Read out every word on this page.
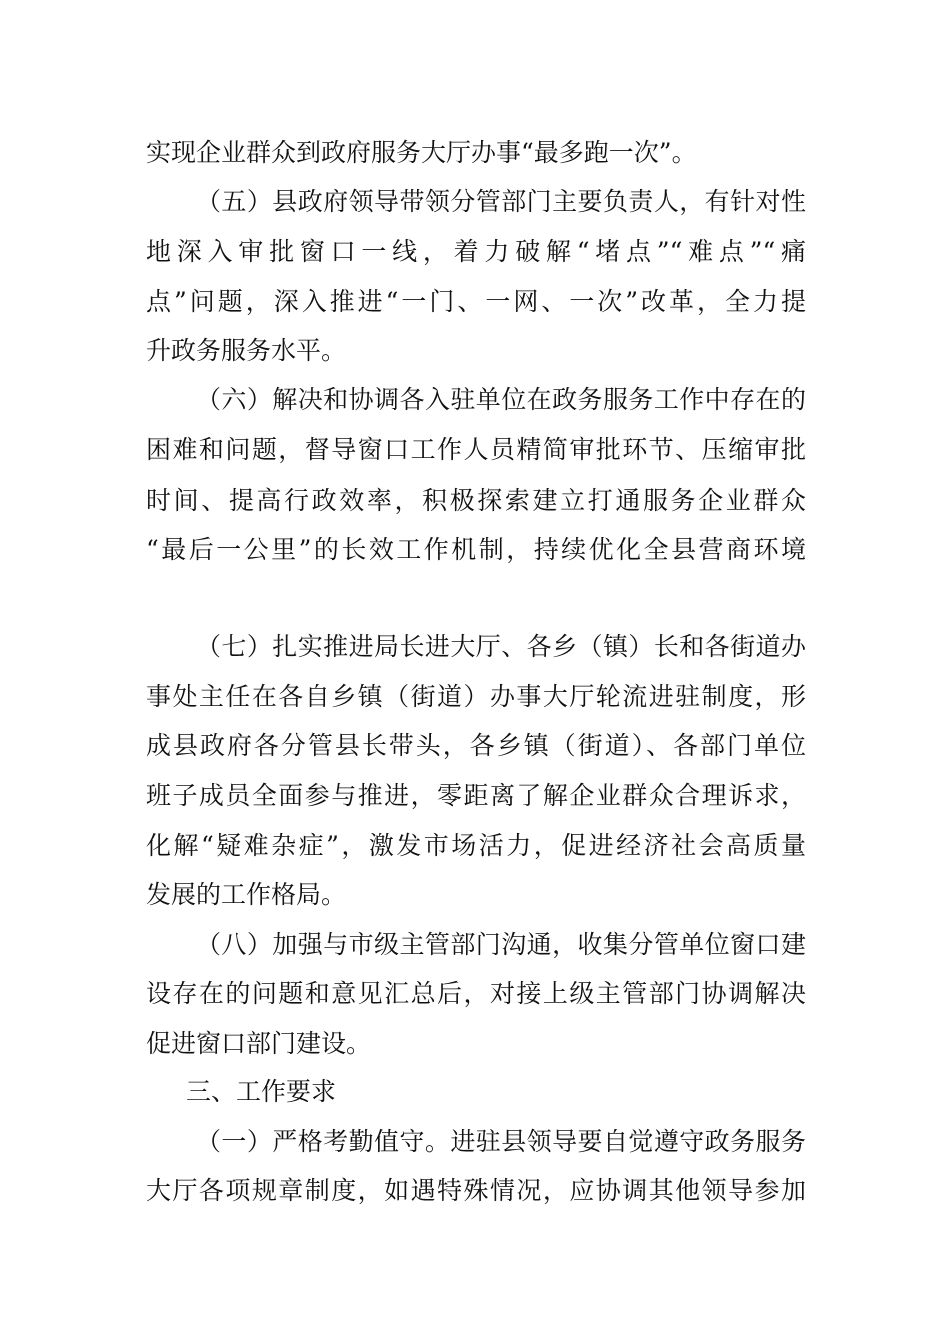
实现企业群众到政府服务大厅办事“最多跑一次”。
（五）县政府领导带领分管部门主要负责人，有针对性
地深入审批窗口一线，着力破解“堵点”“难点”“痛
点”问题，深入推进“一门、一网、一次”改革，全力提
升政务服务水平。
（六）解决和协调各入驻单位在政务服务工作中存在的
困难和问题，督导窗口工作人员精简审批环节、压缩审批
时间、提高行政效率，积极探索建立打通服务企业群众
“最后一公里”的长效工作机制，持续优化全县营商环境
（七）扎实推进局长进大厅、各乡（镇）长和各街道办
事处主任在各自乡镇（街道）办事大厅轮流进驻制度，形
成县政府各分管县长带头，各乡镇（街道）、各部门单位
班子成员全面参与推进，零距离了解企业群众合理诉求，
化解“疑难杂症”，激发市场活力，促进经济社会高质量
发展的工作格局。
（八）加强与市级主管部门沟通，收集分管单位窗口建
设存在的问题和意见汇总后，对接上级主管部门协调解决
促进窗口部门建设。
三、工作要求
（一）严格考勤值守。进驻县领导要自觉遵守政务服务
大厅各项规章制度，如遇特殊情况，应协调其他领导参加
